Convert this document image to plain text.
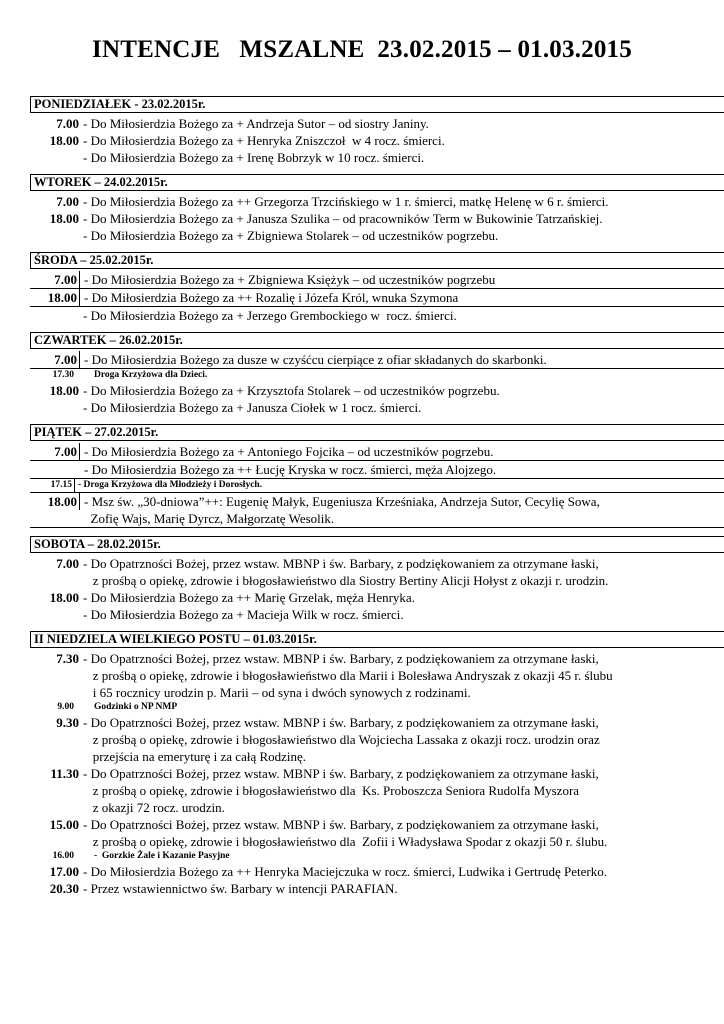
INTENCJE   MSZALNE  23.02.2015 – 01.03.2015
PONIEDZIAŁEK - 23.02.2015r.
7.00 - Do Miłosierdzia Bożego za + Andrzeja Sutor – od siostry Janiny.
18.00 - Do Miłosierdzia Bożego za + Henryka Zniszczoł  w 4 rocz. śmierci.
- Do Miłosierdzia Bożego za + Irenę Bobrzyk w 10 rocz. śmierci.
WTOREK – 24.02.2015r.
7.00 - Do Miłosierdzia Bożego za ++ Grzegorza Trzcińskiego w 1 r. śmierci, matkę Helenę w 6 r. śmierci.
18.00 - Do Miłosierdzia Bożego za + Janusza Szulika – od pracowników Term w Bukowinie Tatrzańskiej.
- Do Miłosierdzia Bożego za + Zbigniewa Stolarek – od uczestników pogrzebu.
ŚRODA – 25.02.2015r.
7.00 - Do Miłosierdzia Bożego za + Zbigniewa Księżyk – od uczestników pogrzebu
18.00 - Do Miłosierdzia Bożego za ++ Rozalię i Józefa Król, wnuka Szymona
- Do Miłosierdzia Bożego za + Jerzego Grembockiego w  rocz. śmierci.
CZWARTEK – 26.02.2015r.
7.00 - Do Miłosierdzia Bożego za dusze w czyśćcu cierpiące z ofiar składanych do skarbonki.
17.30 Droga Krzyżowa dla Dzieci.
18.00 - Do Miłosierdzia Bożego za + Krzysztofa Stolarek – od uczestników pogrzebu.
- Do Miłosierdzia Bożego za + Janusza Ciołek w 1 rocz. śmierci.
PIĄTEK – 27.02.2015r.
7.00 - Do Miłosierdzia Bożego za + Antoniego Fojcika – od uczestników pogrzebu.
- Do Miłosierdzia Bożego za ++ Łucję Kryska w rocz. śmierci, męża Alojzego.
17.15 - Droga Krzyżowa dla Młodzieży i Dorosłych.
18.00 - Msz św. „30-dniowa”++: Eugenię Małyk, Eugeniusza Krześniaka, Andrzeja Sutor, Cecylię Sowa,
Zofię Wajs, Marię Dyrcz, Małgorzatę Wesolik.
SOBOTA – 28.02.2015r.
7.00 - Do Opatrzności Bożej, przez wstaw. MBNP i św. Barbary, z podziękowaniem za otrzymane łaski,
z prośbą o opiekę, zdrowie i błogosławieństwo dla Siostry Bertiny Alicji Hołyst z okazji r. urodzin.
18.00 - Do Miłosierdzia Bożego za ++ Marię Grzelak, męża Henryka.
- Do Miłosierdzia Bożego za + Macieja Wilk w rocz. śmierci.
II NIEDZIELA WIELKIEGO POSTU – 01.03.2015r.
7.30 - Do Opatrzności Bożej, przez wstaw. MBNP i św. Barbary, z podziękowaniem za otrzymane łaski,
z prośbą o opiekę, zdrowie i błogosławieństwo dla Marii i Bolesława Andryszak z okazji 45 r. ślubu
i 65 rocznicy urodzin p. Marii – od syna i dwóch synowych z rodzinami.
9.00 Godzinki o NP NMP
9.30 - Do Opatrzności Bożej, przez wstaw. MBNP i św. Barbary, z podziękowaniem za otrzymane łaski,
z prośbą o opiekę, zdrowie i błogosławieństwo dla Wojciecha Lassaka z okazji rocz. urodzin oraz
przejścia na emeryturę i za całą Rodzinę.
11.30 - Do Opatrzności Bożej, przez wstaw. MBNP i św. Barbary, z podziękowaniem za otrzymane łaski,
z prośbą o opiekę, zdrowie i błogosławieństwo dla  Ks. Proboszcza Seniora Rudolfa Myszora
z okazji 72 rocz. urodzin.
15.00 - Do Opatrzności Bożej, przez wstaw. MBNP i św. Barbary, z podziękowaniem za otrzymane łaski,
z prośbą o opiekę, zdrowie i błogosławieństwo dla  Zofii i Władysława Spodar z okazji 50 r. ślubu.
16.00 -  Gorzkie Żale i Kazanie Pasyjne
17.00 - Do Miłosierdzia Bożego za ++ Henryka Maciejczuka w rocz. śmierci, Ludwika i Gertrudę Peterko.
20.30 - Przez wstawiennictwo św. Barbary w intencji PARAFIAN.
